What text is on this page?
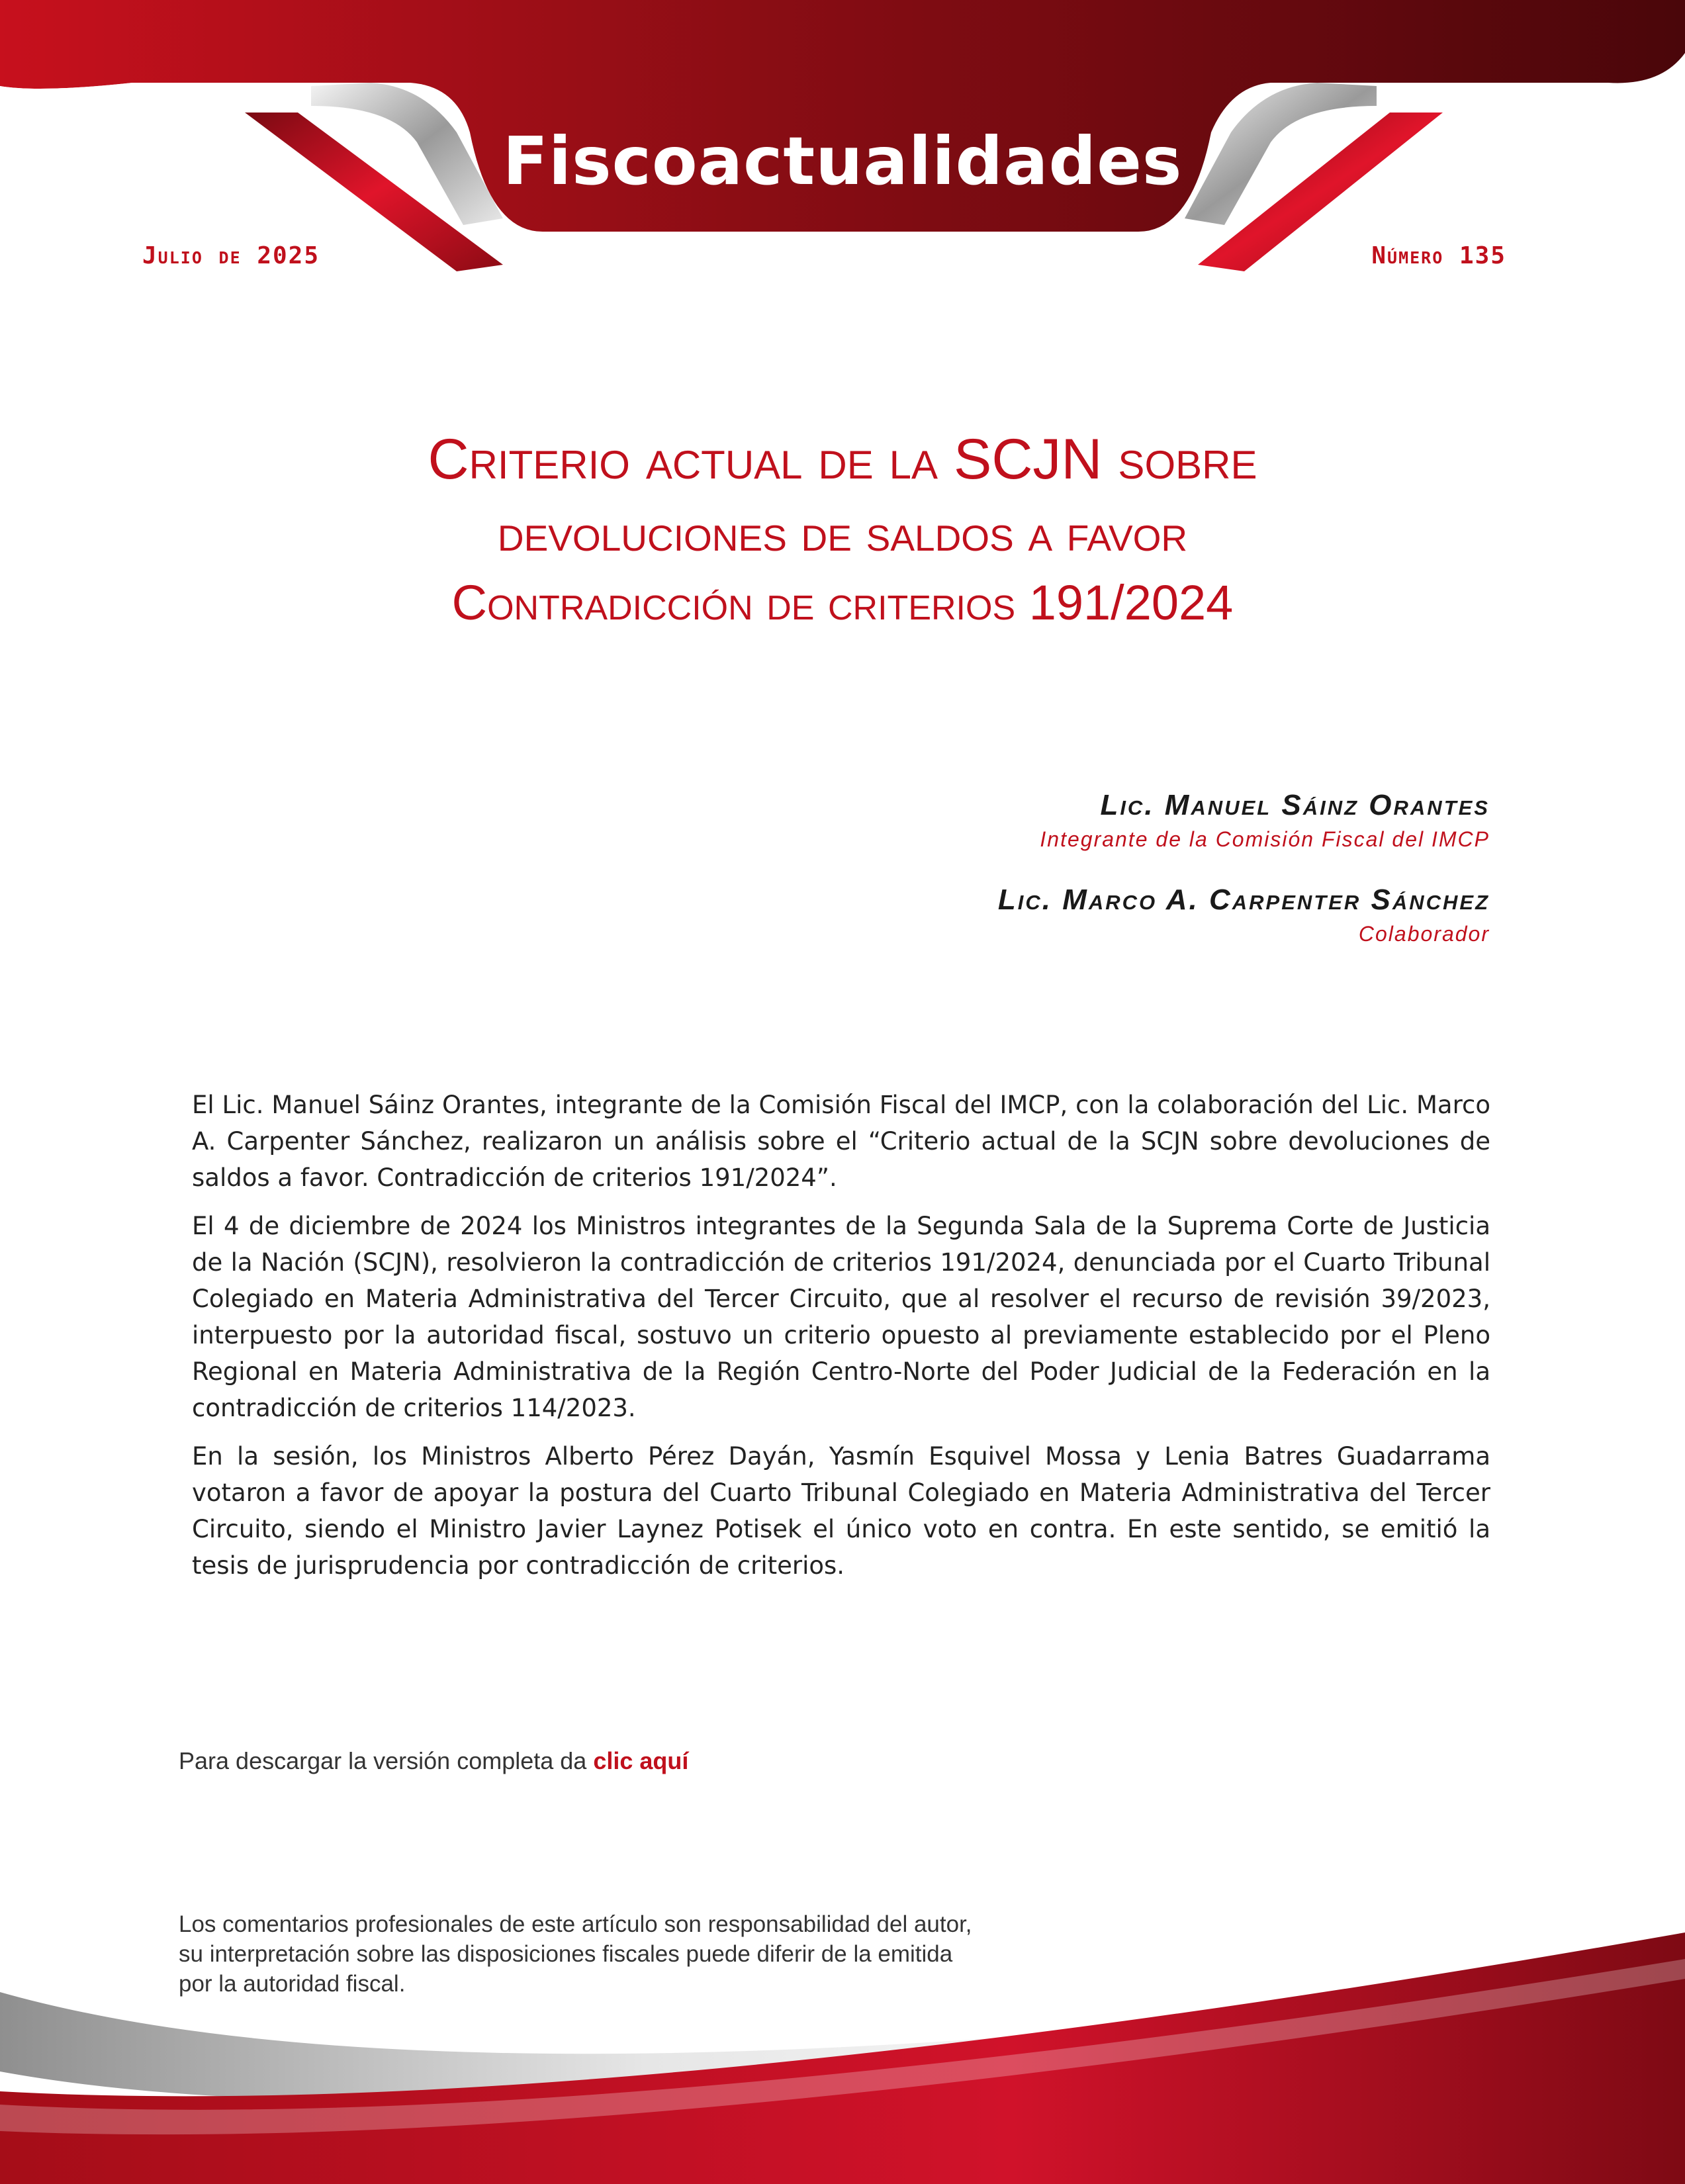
Fiscoactualidades
Julio de 2025	Número 135
Criterio actual de la SCJN sobre
devoluciones de saldos a favor
Contradicción de criterios 191/2024
Lic. Manuel Sáinz Orantes
Integrante de la Comisión Fiscal del IMCP
Lic. Marco A. Carpenter Sánchez
Colaborador

El Lic. Manuel Sáinz Orantes, integrante de la Comisión Fiscal del IMCP, con la colaboración del Lic. Marco A. Carpenter Sánchez, realizaron un análisis sobre el “Criterio actual de la SCJN sobre devoluciones de saldos a favor. Contradicción de criterios 191/2024”.

El 4 de diciembre de 2024 los Ministros integrantes de la Segunda Sala de la Suprema Corte de Justicia de la Nación (SCJN), resolvieron la contradicción de criterios 191/2024, denunciada por el Cuarto Tribunal Colegiado en Materia Administrativa del Tercer Circuito, que al resolver el recurso de revisión 39/2023, interpuesto por la autoridad fiscal, sostuvo un criterio opuesto al previamente establecido por el Pleno Regional en Materia Administrativa de la Región Centro-Norte del Poder Judicial de la Federación en la contradicción de criterios 114/2023.

En la sesión, los Ministros Alberto Pérez Dayán, Yasmín Esquivel Mossa y Lenia Batres Guadarrama votaron a favor de apoyar la postura del Cuarto Tribunal Colegiado en Materia Administrativa del Tercer Circuito, siendo el Ministro Javier Laynez Potisek el único voto en contra. En este sentido, se emitió la tesis de jurisprudencia por contradicción de criterios.

Para descargar la versión completa da clic aquí
Los comentarios profesionales de este artículo son responsabilidad del autor, su interpretación sobre las disposiciones fiscales puede diferir de la emitida por la autoridad fiscal.
